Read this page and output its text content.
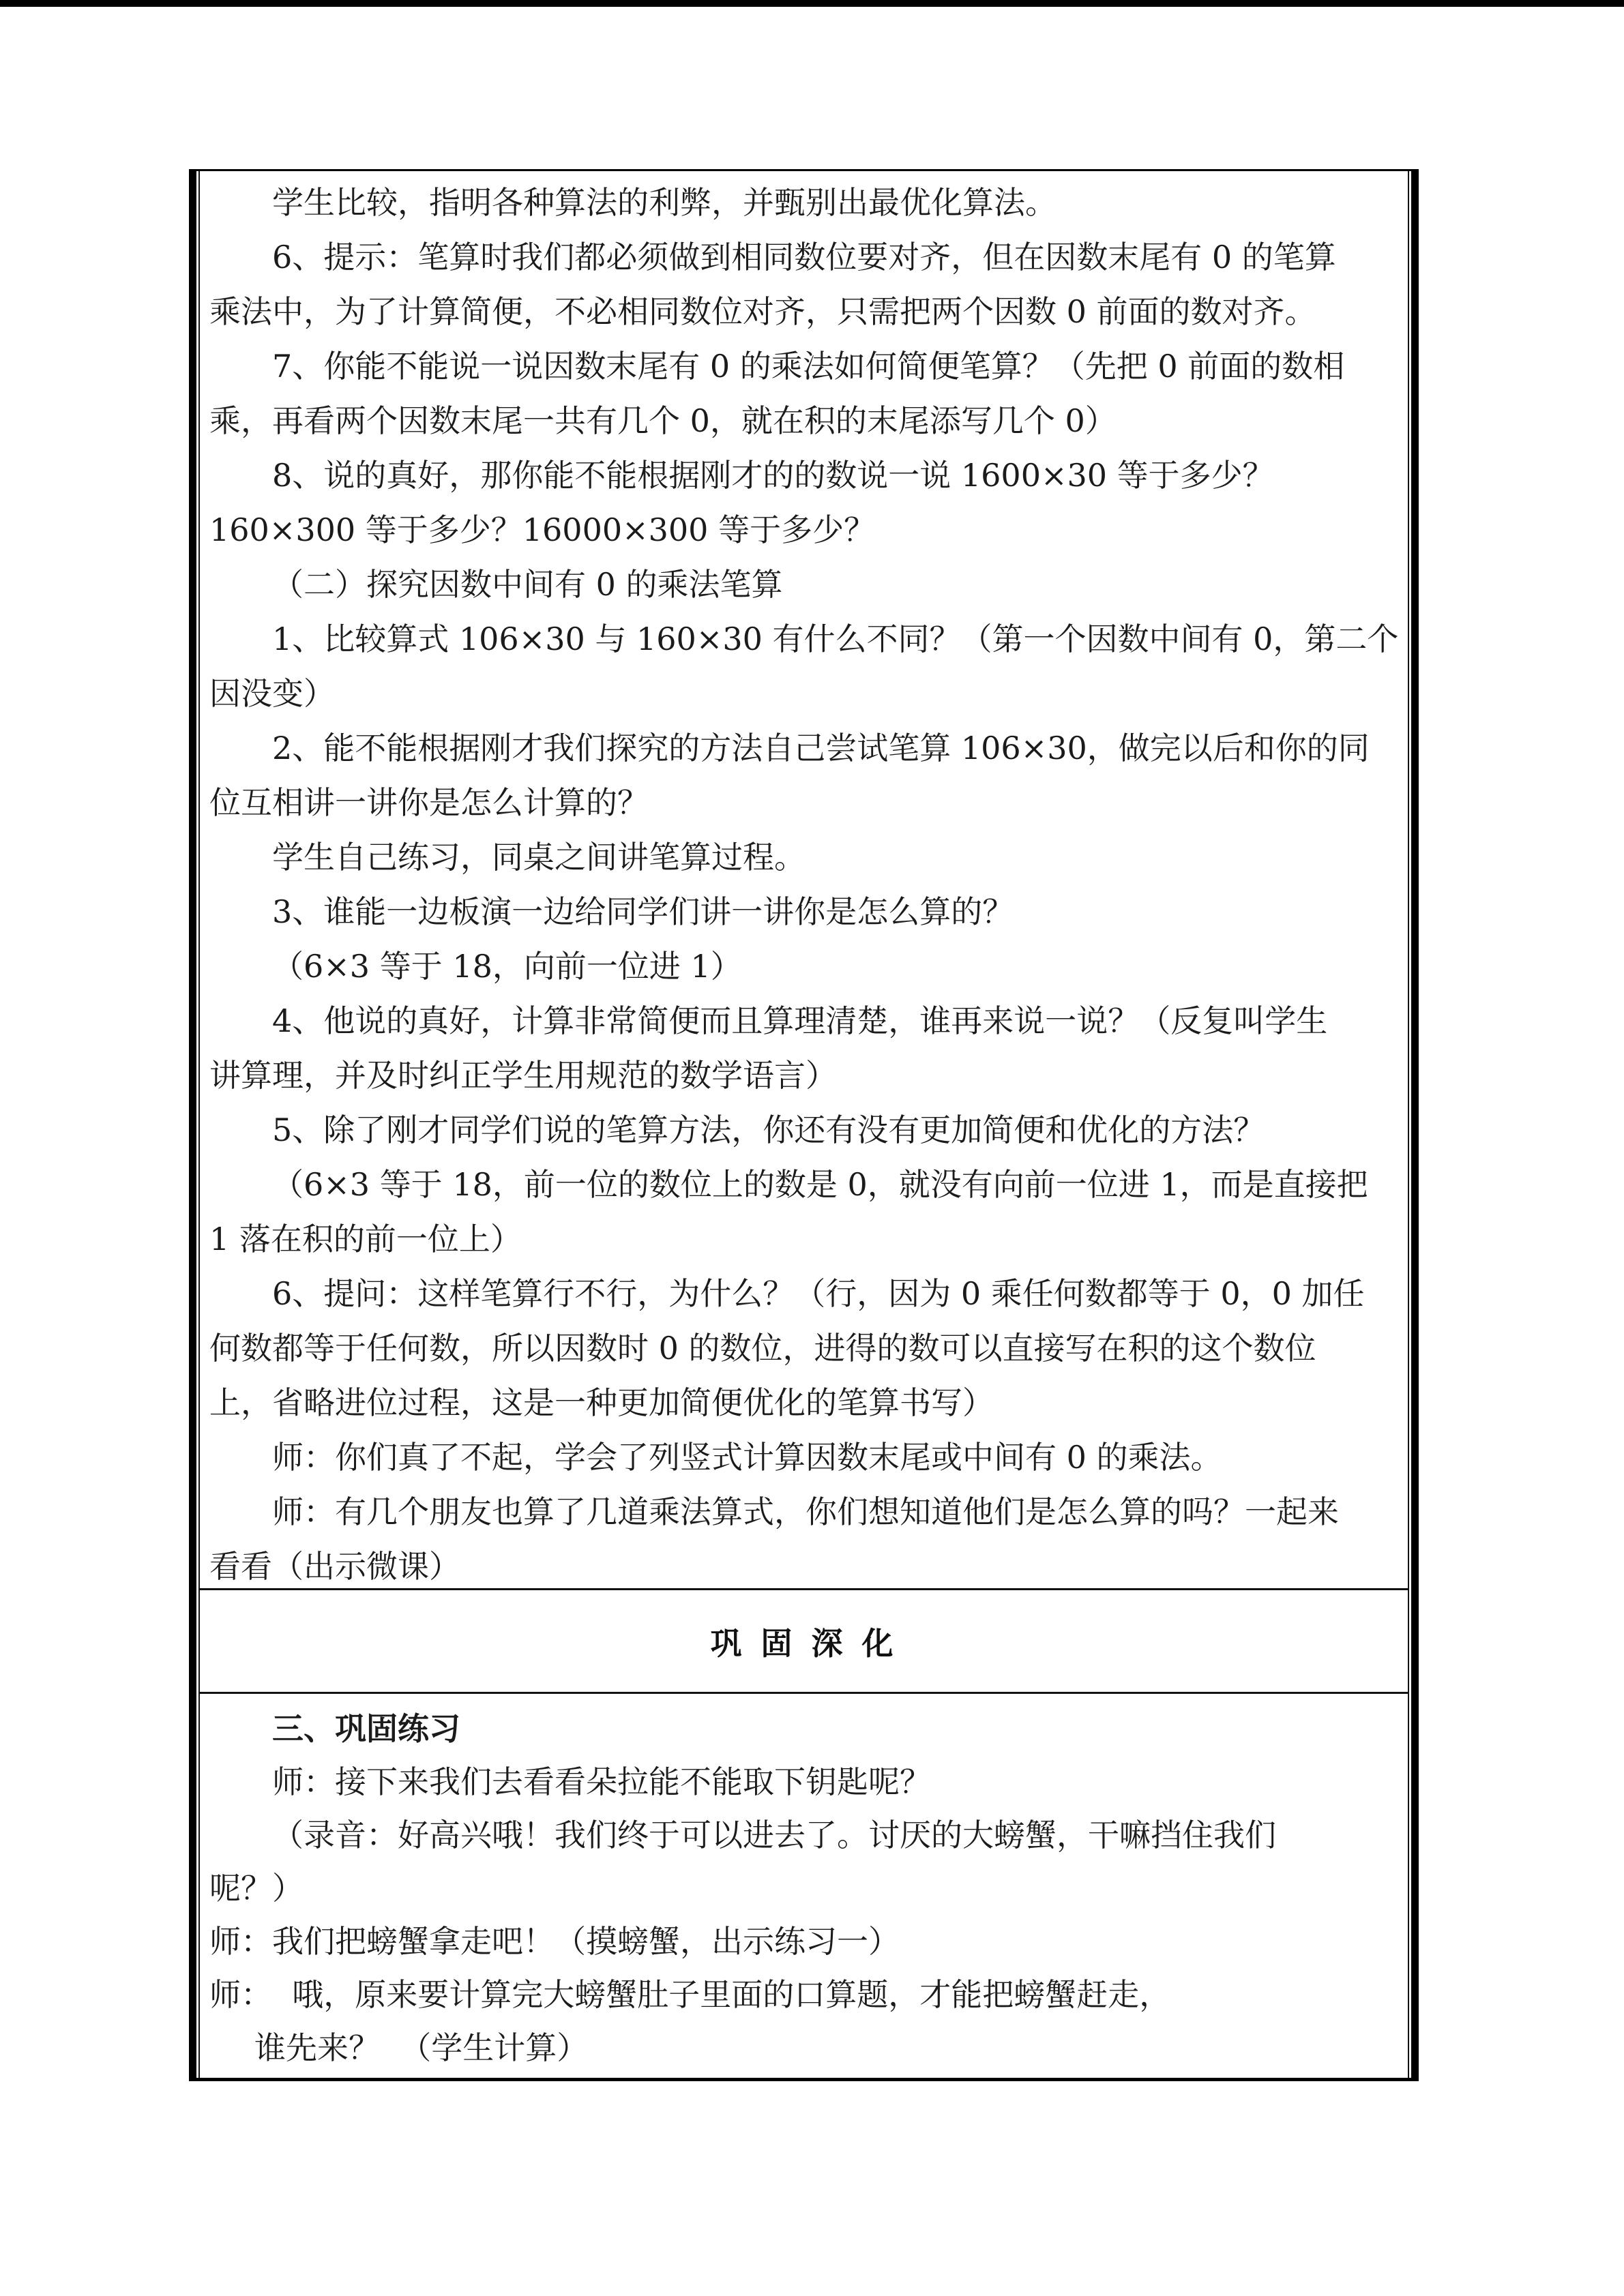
学生比较，指明各种算法的利弊，并甄别出最优化算法。
6、提示：笔算时我们都必须做到相同数位要对齐，但在因数末尾有 0 的笔算
乘法中，为了计算简便，不必相同数位对齐，只需把两个因数 0 前面的数对齐。
7、你能不能说一说因数末尾有 0 的乘法如何简便笔算？（先把 0 前面的数相
乘，再看两个因数末尾一共有几个 0，就在积的末尾添写几个 0）
8、说的真好，那你能不能根据刚才的的数说一说 1600×30 等于多少？
160×300 等于多少？16000×300 等于多少？
（二）探究因数中间有 0 的乘法笔算
1、比较算式 106×30 与 160×30 有什么不同？（第一个因数中间有 0，第二个
因没变）
2、能不能根据刚才我们探究的方法自己尝试笔算 106×30，做完以后和你的同
位互相讲一讲你是怎么计算的？
学生自己练习，同桌之间讲笔算过程。
3、谁能一边板演一边给同学们讲一讲你是怎么算的？
（6×3 等于 18，向前一位进 1）
4、他说的真好，计算非常简便而且算理清楚，谁再来说一说？（反复叫学生
讲算理，并及时纠正学生用规范的数学语言）
5、除了刚才同学们说的笔算方法，你还有没有更加简便和优化的方法？
（6×3 等于 18，前一位的数位上的数是 0，就没有向前一位进 1，而是直接把
1 落在积的前一位上）
6、提问：这样笔算行不行，为什么？（行，因为 0 乘任何数都等于 0，0 加任
何数都等于任何数，所以因数时 0 的数位，进得的数可以直接写在积的这个数位
上，省略进位过程，这是一种更加简便优化的笔算书写）
师：你们真了不起，学会了列竖式计算因数末尾或中间有 0 的乘法。
师：有几个朋友也算了几道乘法算式，你们想知道他们是怎么算的吗？一起来
看看（出示微课）
巩 固 深 化
三、巩固练习
师：接下来我们去看看朵拉能不能取下钥匙呢？
（录音：好高兴哦！我们终于可以进去了。讨厌的大螃蟹，干嘛挡住我们
呢？）
师：我们把螃蟹拿走吧！（摸螃蟹，出示练习一）
师：  哦，原来要计算完大螃蟹肚子里面的口算题，才能把螃蟹赶走，
谁先来？  （学生计算）
